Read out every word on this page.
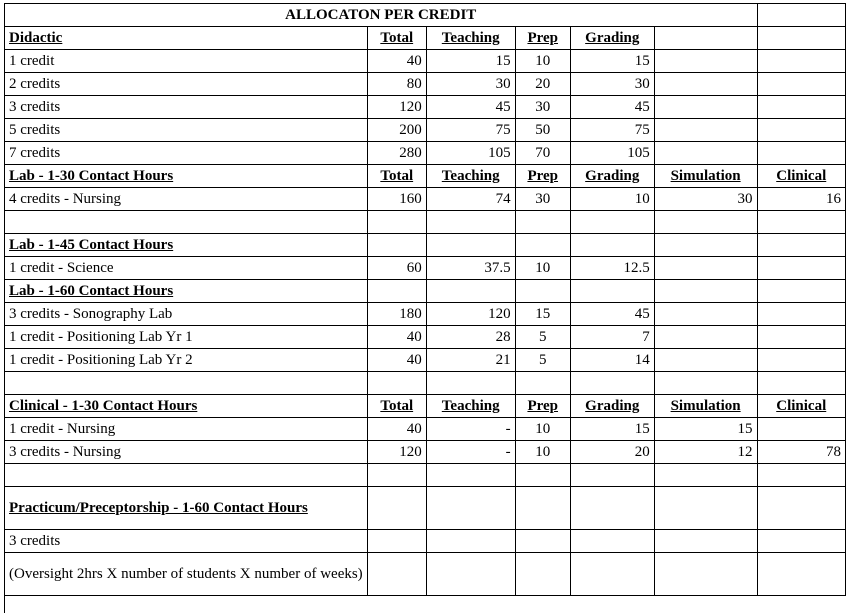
ALLOCATON PER CREDIT						
Didactic	Total	Teaching	Prep	Grading		
1 credit	40	15	10	15		
2 credits	80	30	20	30		
3 credits	120	45	30	45		
5 credits	200	75	50	75		
7 credits	280	105	70	105		
Lab - 1-30 Contact Hours	Total	Teaching	Prep	Grading	Simulation	Clinical
4 credits - Nursing	160	74	30	10	30	16

Lab - 1-45 Contact Hours						
1 credit - Science	60	37.5	10	12.5		
Lab - 1-60 Contact Hours						
3 credits - Sonography Lab	180	120	15	45		
1 credit - Positioning Lab Yr 1	40	28	5	7		
1 credit - Positioning Lab Yr 2	40	21	5	14		

Clinical - 1-30 Contact Hours	Total	Teaching	Prep	Grading	Simulation	Clinical
1 credit - Nursing	40	-	10	15	15	
3 credits - Nursing	120	-	10	20	12	78

Practicum/Preceptorship - 1-60 Contact Hours						
3 credits						
(Oversight 2hrs X number of students X number of weeks)						
